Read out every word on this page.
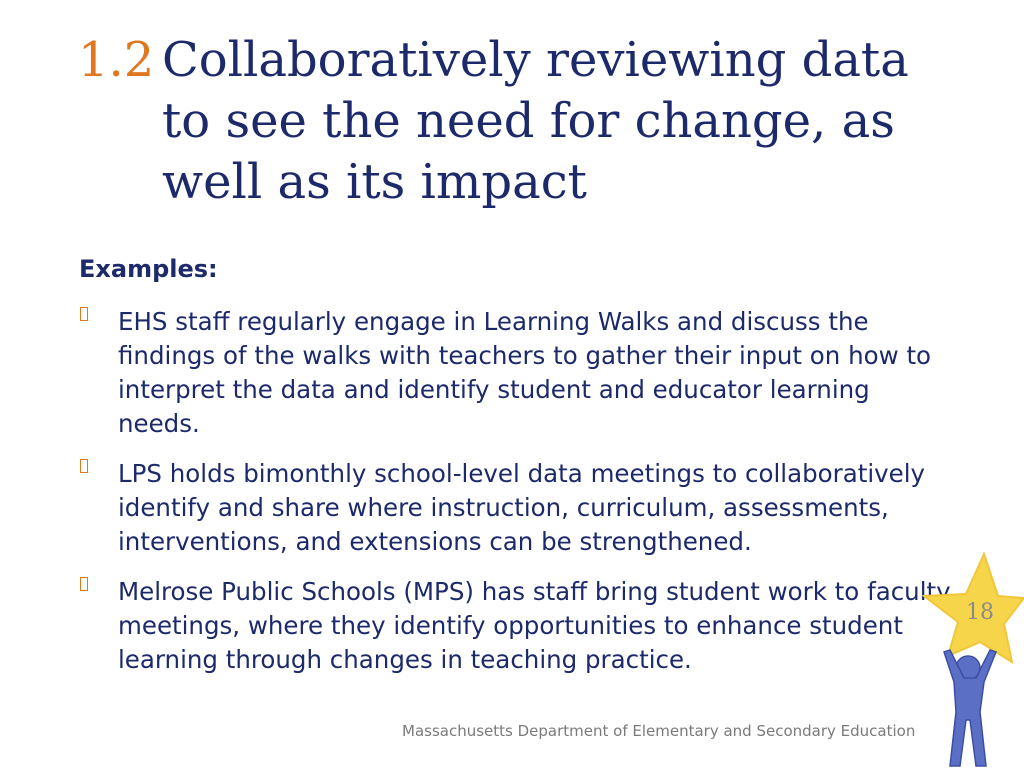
1.2 Collaboratively reviewing data to see the need for change, as well as its impact
Examples:
EHS staff regularly engage in Learning Walks and discuss the findings of the walks with teachers to gather their input on how to interpret the data and identify student and educator learning needs.
LPS holds bimonthly school-level data meetings to collaboratively identify and share where instruction, curriculum, assessments, interventions, and extensions can be strengthened.
Melrose Public Schools (MPS) has staff bring student work to faculty meetings, where they identify opportunities to enhance student learning through changes in teaching practice.
Massachusetts Department of Elementary and Secondary Education
18
